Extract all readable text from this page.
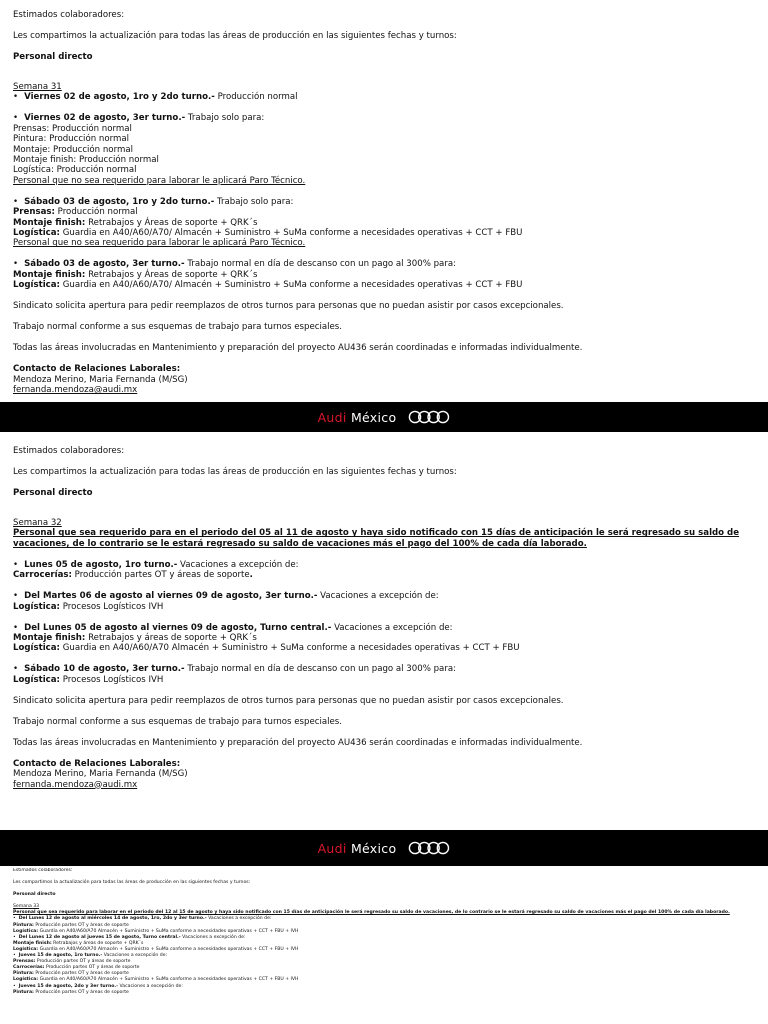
Estimados colaboradores:

Les compartimos la actualización para todas las áreas de producción en las siguientes fechas y turnos:

Personal directo

Semana 31

• Viernes 02 de agosto, 1ro y 2do turno.- Producción normal

• Viernes 02 de agosto, 3er turno.- Trabajo solo para:

Prensas: Producción normal

Pintura: Producción normal

Montaje: Producción normal

Montaje finish: Producción normal

Logística: Producción normal

Personal que no sea requerido para laborar le aplicará Paro Técnico.

• Sábado 03 de agosto, 1ro y 2do turno.- Trabajo solo para:

Prensas: Producción normal

Montaje finish: Retrabajos y Áreas de soporte + QRK´s

Logística: Guardia en A40/A60/A70/ Almacén + Suministro + SuMa conforme a necesidades operativas + CCT + FBU

Personal que no sea requerido para laborar le aplicará Paro Técnico.

• Sábado 03 de agosto, 3er turno.- Trabajo normal en día de descanso con un pago al 300% para:

Montaje finish: Retrabajos y Áreas de soporte + QRK´s

Logística: Guardia en A40/A60/A70/ Almacén + Suministro + SuMa conforme a necesidades operativas + CCT + FBU

Sindicato solicita apertura para pedir reemplazos de otros turnos para personas que no puedan asistir por casos excepcionales.

Trabajo normal conforme a sus esquemas de trabajo para turnos especiales.

Todas las áreas involucradas en Mantenimiento y preparación del proyecto AU436 serán coordinadas e informadas individualmente.

Contacto de Relaciones Laborales:

Mendoza Merino, Maria Fernanda (M/SG)

fernanda.mendoza@audi.mx

Audi México

Estimados colaboradores:

Les compartimos la actualización para todas las áreas de producción en las siguientes fechas y turnos:

Personal directo

Semana 32

Personal que sea requerido para en el periodo del 05 al 11 de agosto y haya sido notificado con 15 días de anticipación le será regresado su saldo de vacaciones, de lo contrario se le estará regresado su saldo de vacaciones más el pago del 100% de cada día laborado.

• Lunes 05 de agosto, 1ro turno.- Vacaciones a excepción de:

Carrocerías: Producción partes OT y áreas de soporte.

• Del Martes 06 de agosto al viernes 09 de agosto, 3er turno.- Vacaciones a excepción de:

Logística: Procesos Logísticos IVH

• Del Lunes 05 de agosto al viernes 09 de agosto, Turno central.- Vacaciones a excepción de:

Montaje finish: Retrabajos y áreas de soporte + QRK´s

Logística: Guardia en A40/A60/A70 Almacén + Suministro + SuMa conforme a necesidades operativas + CCT + FBU

• Sábado 10 de agosto, 3er turno.- Trabajo normal en día de descanso con un pago al 300% para:

Logística: Procesos Logísticos IVH

Sindicato solicita apertura para pedir reemplazos de otros turnos para personas que no puedan asistir por casos excepcionales.

Trabajo normal conforme a sus esquemas de trabajo para turnos especiales.

Todas las áreas involucradas en Mantenimiento y preparación del proyecto AU436 serán coordinadas e informadas individualmente.

Contacto de Relaciones Laborales:

Mendoza Merino, Maria Fernanda (M/SG)

fernanda.mendoza@audi.mx

Audi México

Estimados colaboradores:

Les compartimos la actualización para todas las áreas de producción en las siguientes fechas y turnos:

Personal directo

Semana 33

Personal que sea requerido para laborar en el periodo del 12 al 15 de agosto y haya sido notificado con 15 días de anticipación le será regresado su saldo de vacaciones, de lo contrario se le estará regresado su saldo de vacaciones más el pago del 100% de cada día laborado.

• Del Lunes 12 de agosto al miércoles 14 de agosto, 1ro, 2do y 3er turno.- Vacaciones a excepción de:

Pintura: Producción partes OT y áreas de soporte

Logística: Guardia en A40/A60/A70 Almacén + Suministro + SuMa conforme a necesidades operativas + CCT + FBU + IVH

• Del Lunes 12 de agosto al jueves 15 de agosto, Turno central.- Vacaciones a excepción de:

Montaje finish: Retrabajos y áreas de soporte + QRK´s

Logística: Guardia en A40/A60/A70 Almacén + Suministro + SuMa conforme a necesidades operativas + CCT + FBU + IVH

• Jueves 15 de agosto, 1ro turno.- Vacaciones a excepción de:

Prensas: Producción partes OT y áreas de soporte

Carrocerías: Producción partes OT y áreas de soporte

Pintura: Producción partes OT y áreas de soporte

Logística: Guardia en A40/A60/A70 Almacén + Suministro + SuMa conforme a necesidades operativas + CCT + FBU + IVH

• Jueves 15 de agosto, 2do y 3er turno.- Vacaciones a excepción de:

Pintura: Producción partes OT y áreas de soporte
